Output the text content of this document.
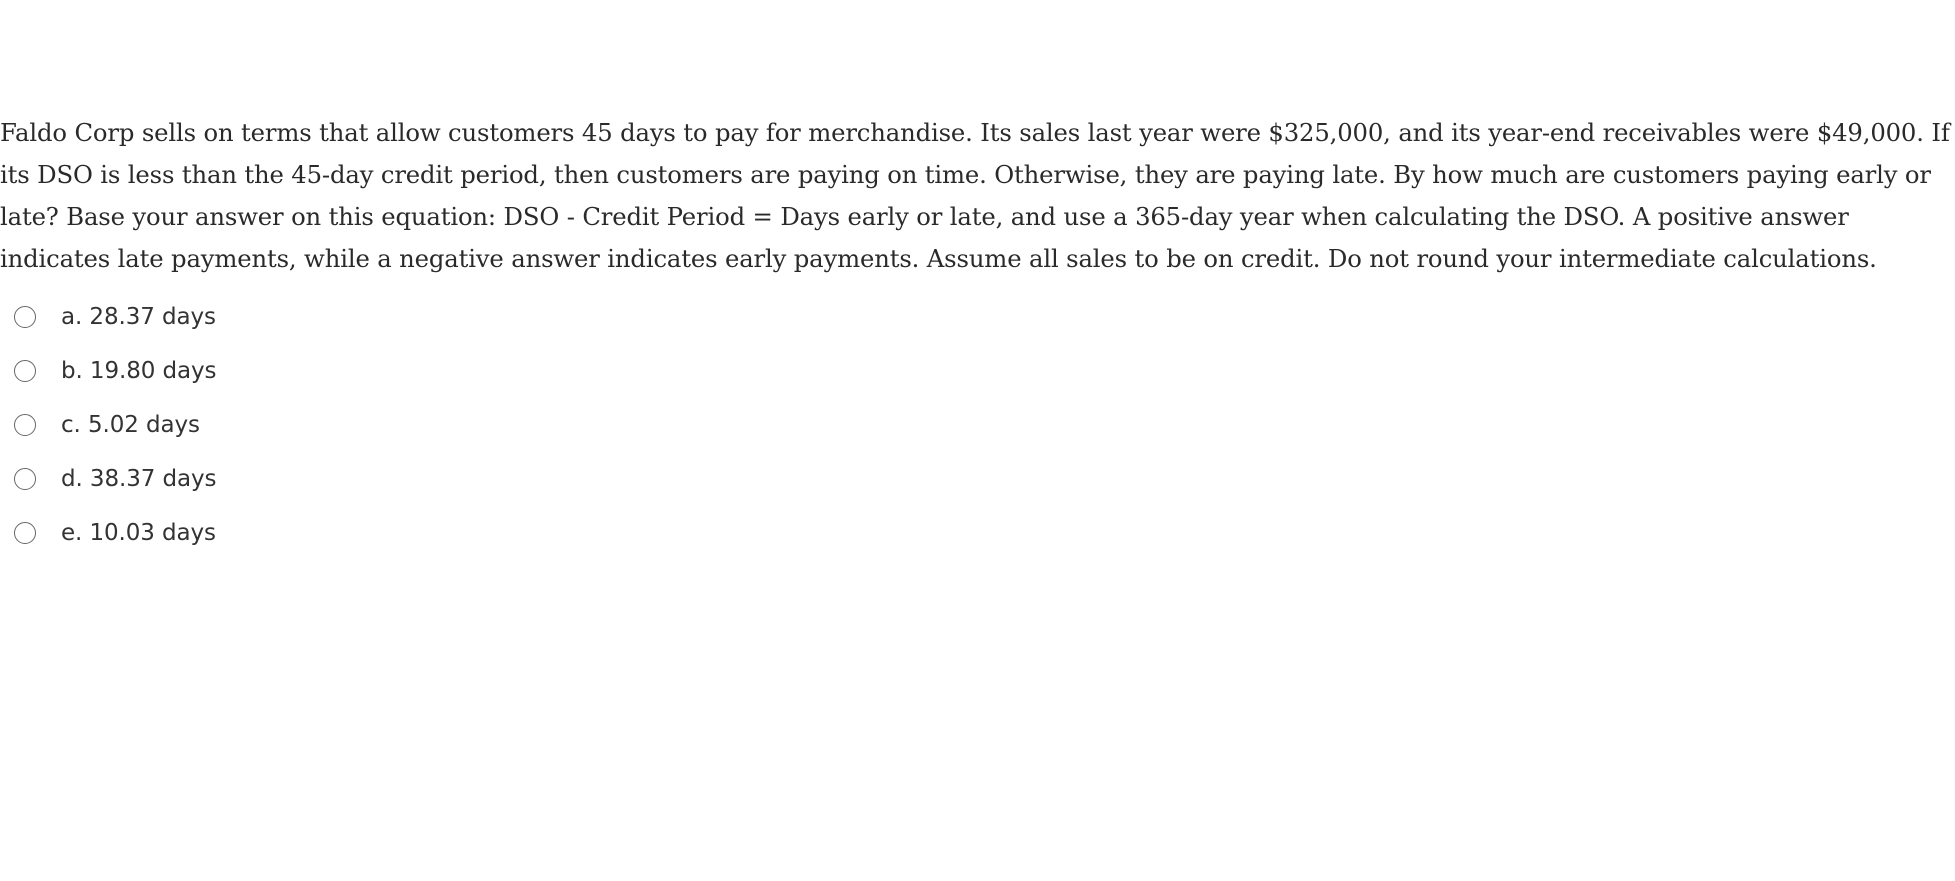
Faldo Corp sells on terms that allow customers 45 days to pay for merchandise. Its sales last year were $325,000, and its year-end receivables were $49,000. If its DSO is less than the 45-day credit period, then customers are paying on time. Otherwise, they are paying late. By how much are customers paying early or late? Base your answer on this equation: DSO - Credit Period = Days early or late, and use a 365-day year when calculating the DSO. A positive answer indicates late payments, while a negative answer indicates early payments. Assume all sales to be on credit. Do not round your intermediate calculations.

a. 28.37 days
b. 19.80 days
c. 5.02 days
d. 38.37 days
e. 10.03 days
